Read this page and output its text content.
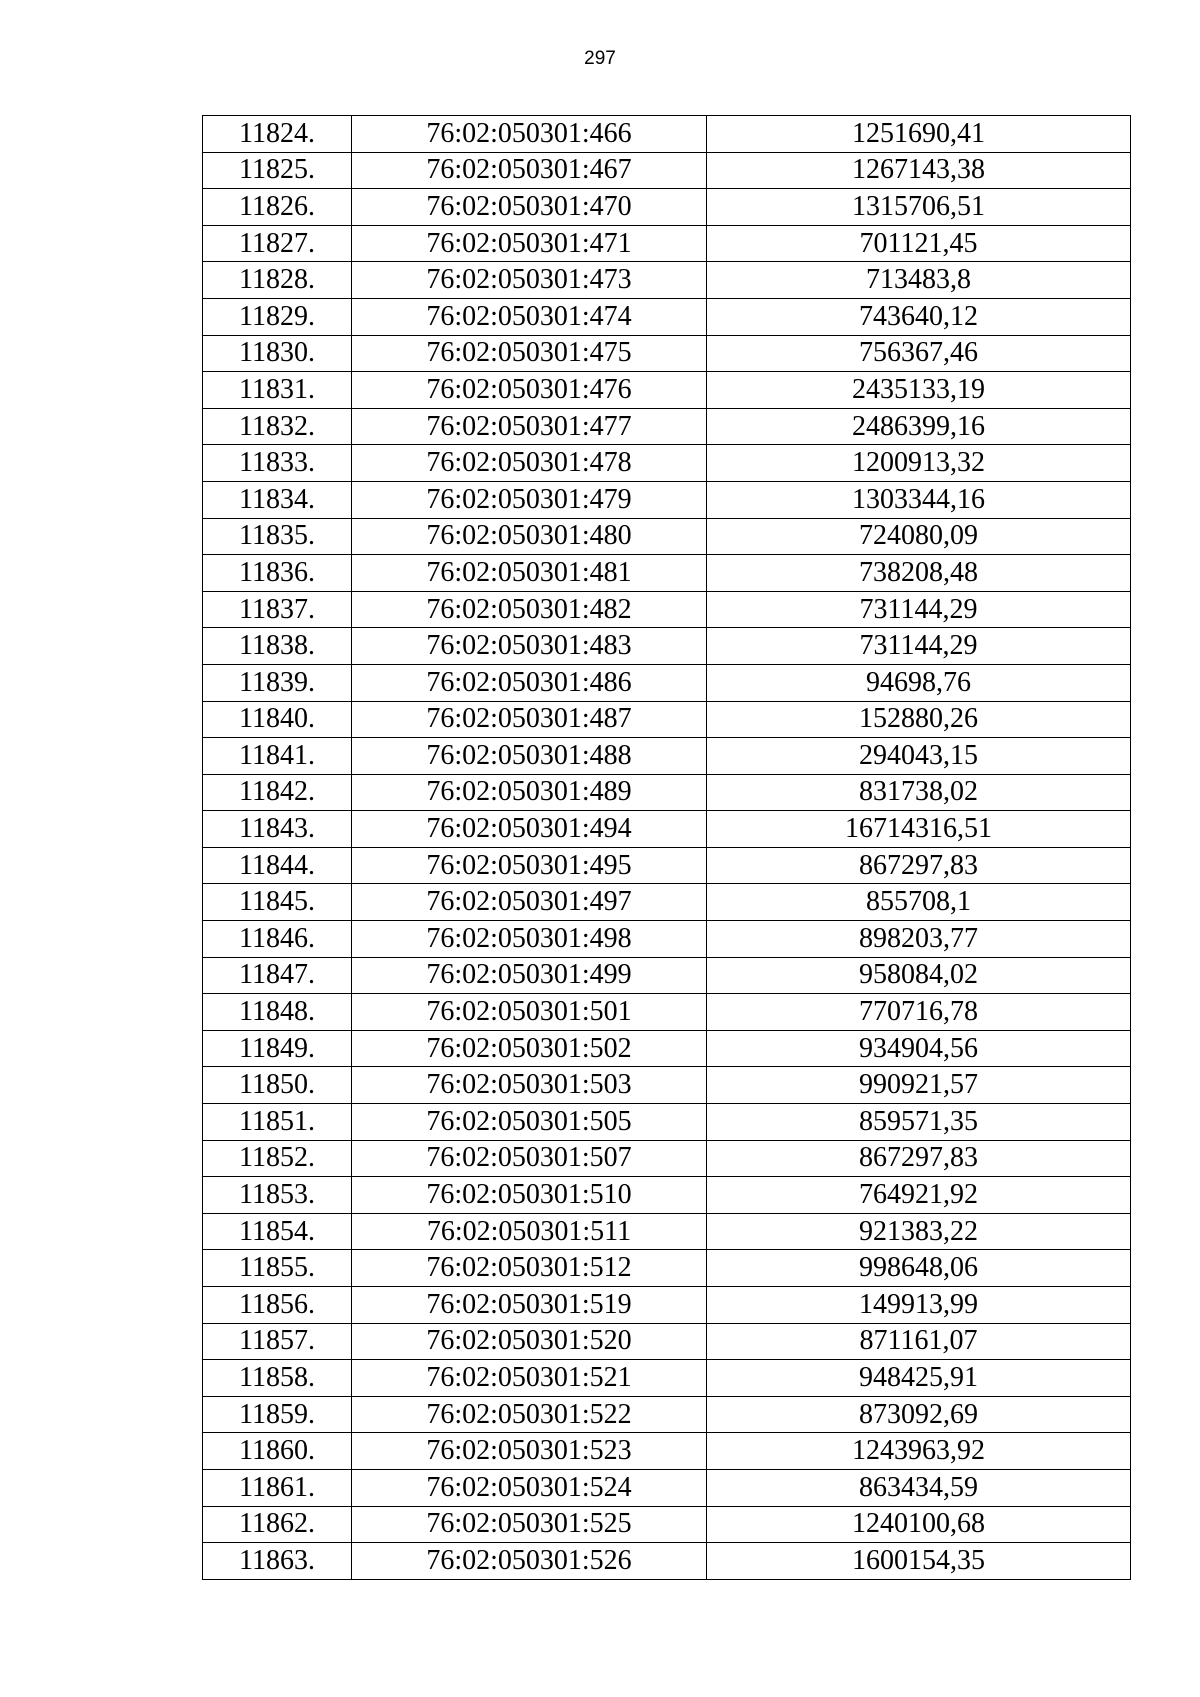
297
11824.	76:02:050301:466	1251690,41
11825.	76:02:050301:467	1267143,38
11826.	76:02:050301:470	1315706,51
11827.	76:02:050301:471	701121,45
11828.	76:02:050301:473	713483,8
11829.	76:02:050301:474	743640,12
11830.	76:02:050301:475	756367,46
11831.	76:02:050301:476	2435133,19
11832.	76:02:050301:477	2486399,16
11833.	76:02:050301:478	1200913,32
11834.	76:02:050301:479	1303344,16
11835.	76:02:050301:480	724080,09
11836.	76:02:050301:481	738208,48
11837.	76:02:050301:482	731144,29
11838.	76:02:050301:483	731144,29
11839.	76:02:050301:486	94698,76
11840.	76:02:050301:487	152880,26
11841.	76:02:050301:488	294043,15
11842.	76:02:050301:489	831738,02
11843.	76:02:050301:494	16714316,51
11844.	76:02:050301:495	867297,83
11845.	76:02:050301:497	855708,1
11846.	76:02:050301:498	898203,77
11847.	76:02:050301:499	958084,02
11848.	76:02:050301:501	770716,78
11849.	76:02:050301:502	934904,56
11850.	76:02:050301:503	990921,57
11851.	76:02:050301:505	859571,35
11852.	76:02:050301:507	867297,83
11853.	76:02:050301:510	764921,92
11854.	76:02:050301:511	921383,22
11855.	76:02:050301:512	998648,06
11856.	76:02:050301:519	149913,99
11857.	76:02:050301:520	871161,07
11858.	76:02:050301:521	948425,91
11859.	76:02:050301:522	873092,69
11860.	76:02:050301:523	1243963,92
11861.	76:02:050301:524	863434,59
11862.	76:02:050301:525	1240100,68
11863.	76:02:050301:526	1600154,35
